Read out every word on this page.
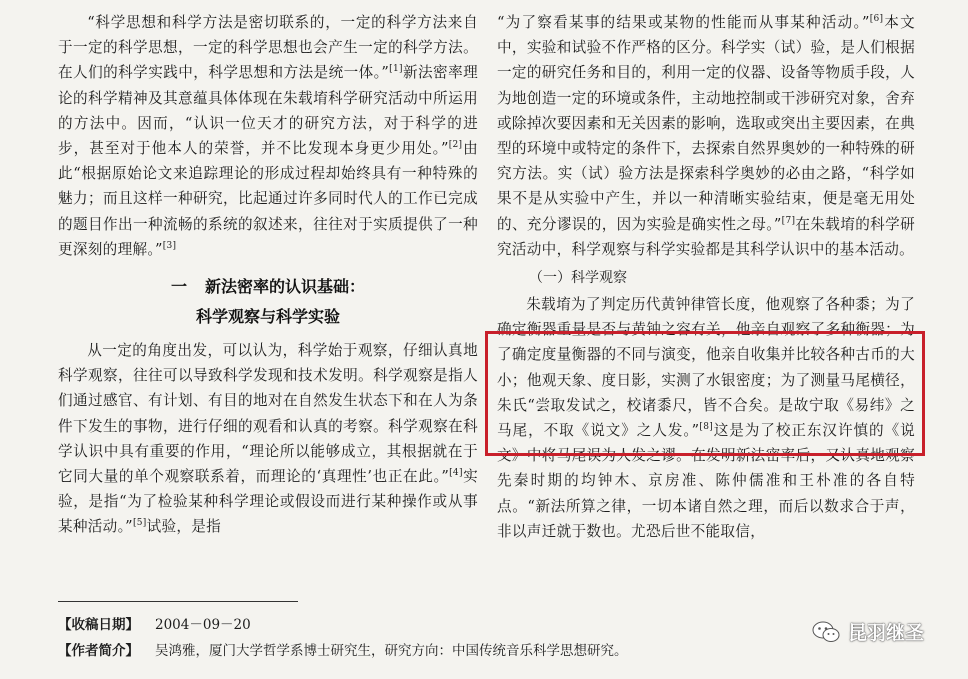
“科学思想和科学方法是密切联系的，一定的科学方法来自于一定的科学思想，一定的科学思想也会产生一定的科学方法。在人们的科学实践中，科学思想和方法是统一体。”[1]新法密率理论的科学精神及其意蕴具体体现在朱载堉科学研究活动中所运用的方法中。因而，“认识一位天才的研究方法，对于科学的进步，甚至对于他本人的荣誉，并不比发现本身更少用处。”[2]由此“根据原始论文来追踪理论的形成过程却始终具有一种特殊的魅力；而且这样一种研究，比起通过许多同时代人的工作已完成的题目作出一种流畅的系统的叙述来，往往对于实质提供了一种更深刻的理解。”[3]

一 新法密率的认识基础：
科学观察与科学实验

从一定的角度出发，可以认为，科学始于观察，仔细认真地科学观察，往往可以导致科学发现和技术发明。科学观察是指人们通过感官、有计划、有目的地对在自然发生状态下和在人为条件下发生的事物，进行仔细的观看和认真的考察。科学观察在科学认识中具有重要的作用，“理论所以能够成立，其根据就在于它同大量的单个观察联系着，而理论的‘真理性’也正在此。”[4]实验，是指“为了检验某种科学理论或假设而进行某种操作或从事某种活动。”[5]试验，是指

“为了察看某事的结果或某物的性能而从事某种活动。”[6]本文中，实验和试验不作严格的区分。科学实（试）验，是人们根据一定的研究任务和目的，利用一定的仪器、设备等物质手段，人为地创造一定的环境或条件，主动地控制或干涉研究对象，舍弃或除掉次要因素和无关因素的影响，选取或突出主要因素，在典型的环境中或特定的条件下，去探索自然界奥妙的一种特殊的研究方法。实（试）验方法是探索科学奥妙的必由之路，“科学如果不是从实验中产生，并以一种清晰实验结束，便是毫无用处的、充分谬误的，因为实验是确实性之母。”[7]在朱载堉的科学研究活动中，科学观察与科学实验都是其科学认识中的基本活动。

（一）科学观察

朱载堉为了判定历代黄钟律管长度，他观察了各种黍；为了确定衡器重量是否与黄钟之容有关，他亲自观察了多种衡器；为了确定度量衡器的不同与演变，他亲自收集并比较各种古币的大小；他观天象、度日影，实测了水银密度；为了测量马尾横径，朱氏“尝取发试之，校诸黍尺，皆不合矣。是故宁取《易纬》之马尾，不取《说文》之人发。”[8]这是为了校正东汉许慎的《说文》中将马尾误为人发之谬。在发明新法密率后，又认真地观察先秦时期的均钟木、京房准、陈仲儒准和王朴准的各自特点。“新法所算之律，一切本诸自然之理，而后以数求合于声，非以声迁就于数也。尤恐后世不能取信，

【收稿日期】 2004－09－20
【作者简介】 吴鸿雅，厦门大学哲学系博士研究生，研究方向：中国传统音乐科学思想研究。
昆羽继圣
